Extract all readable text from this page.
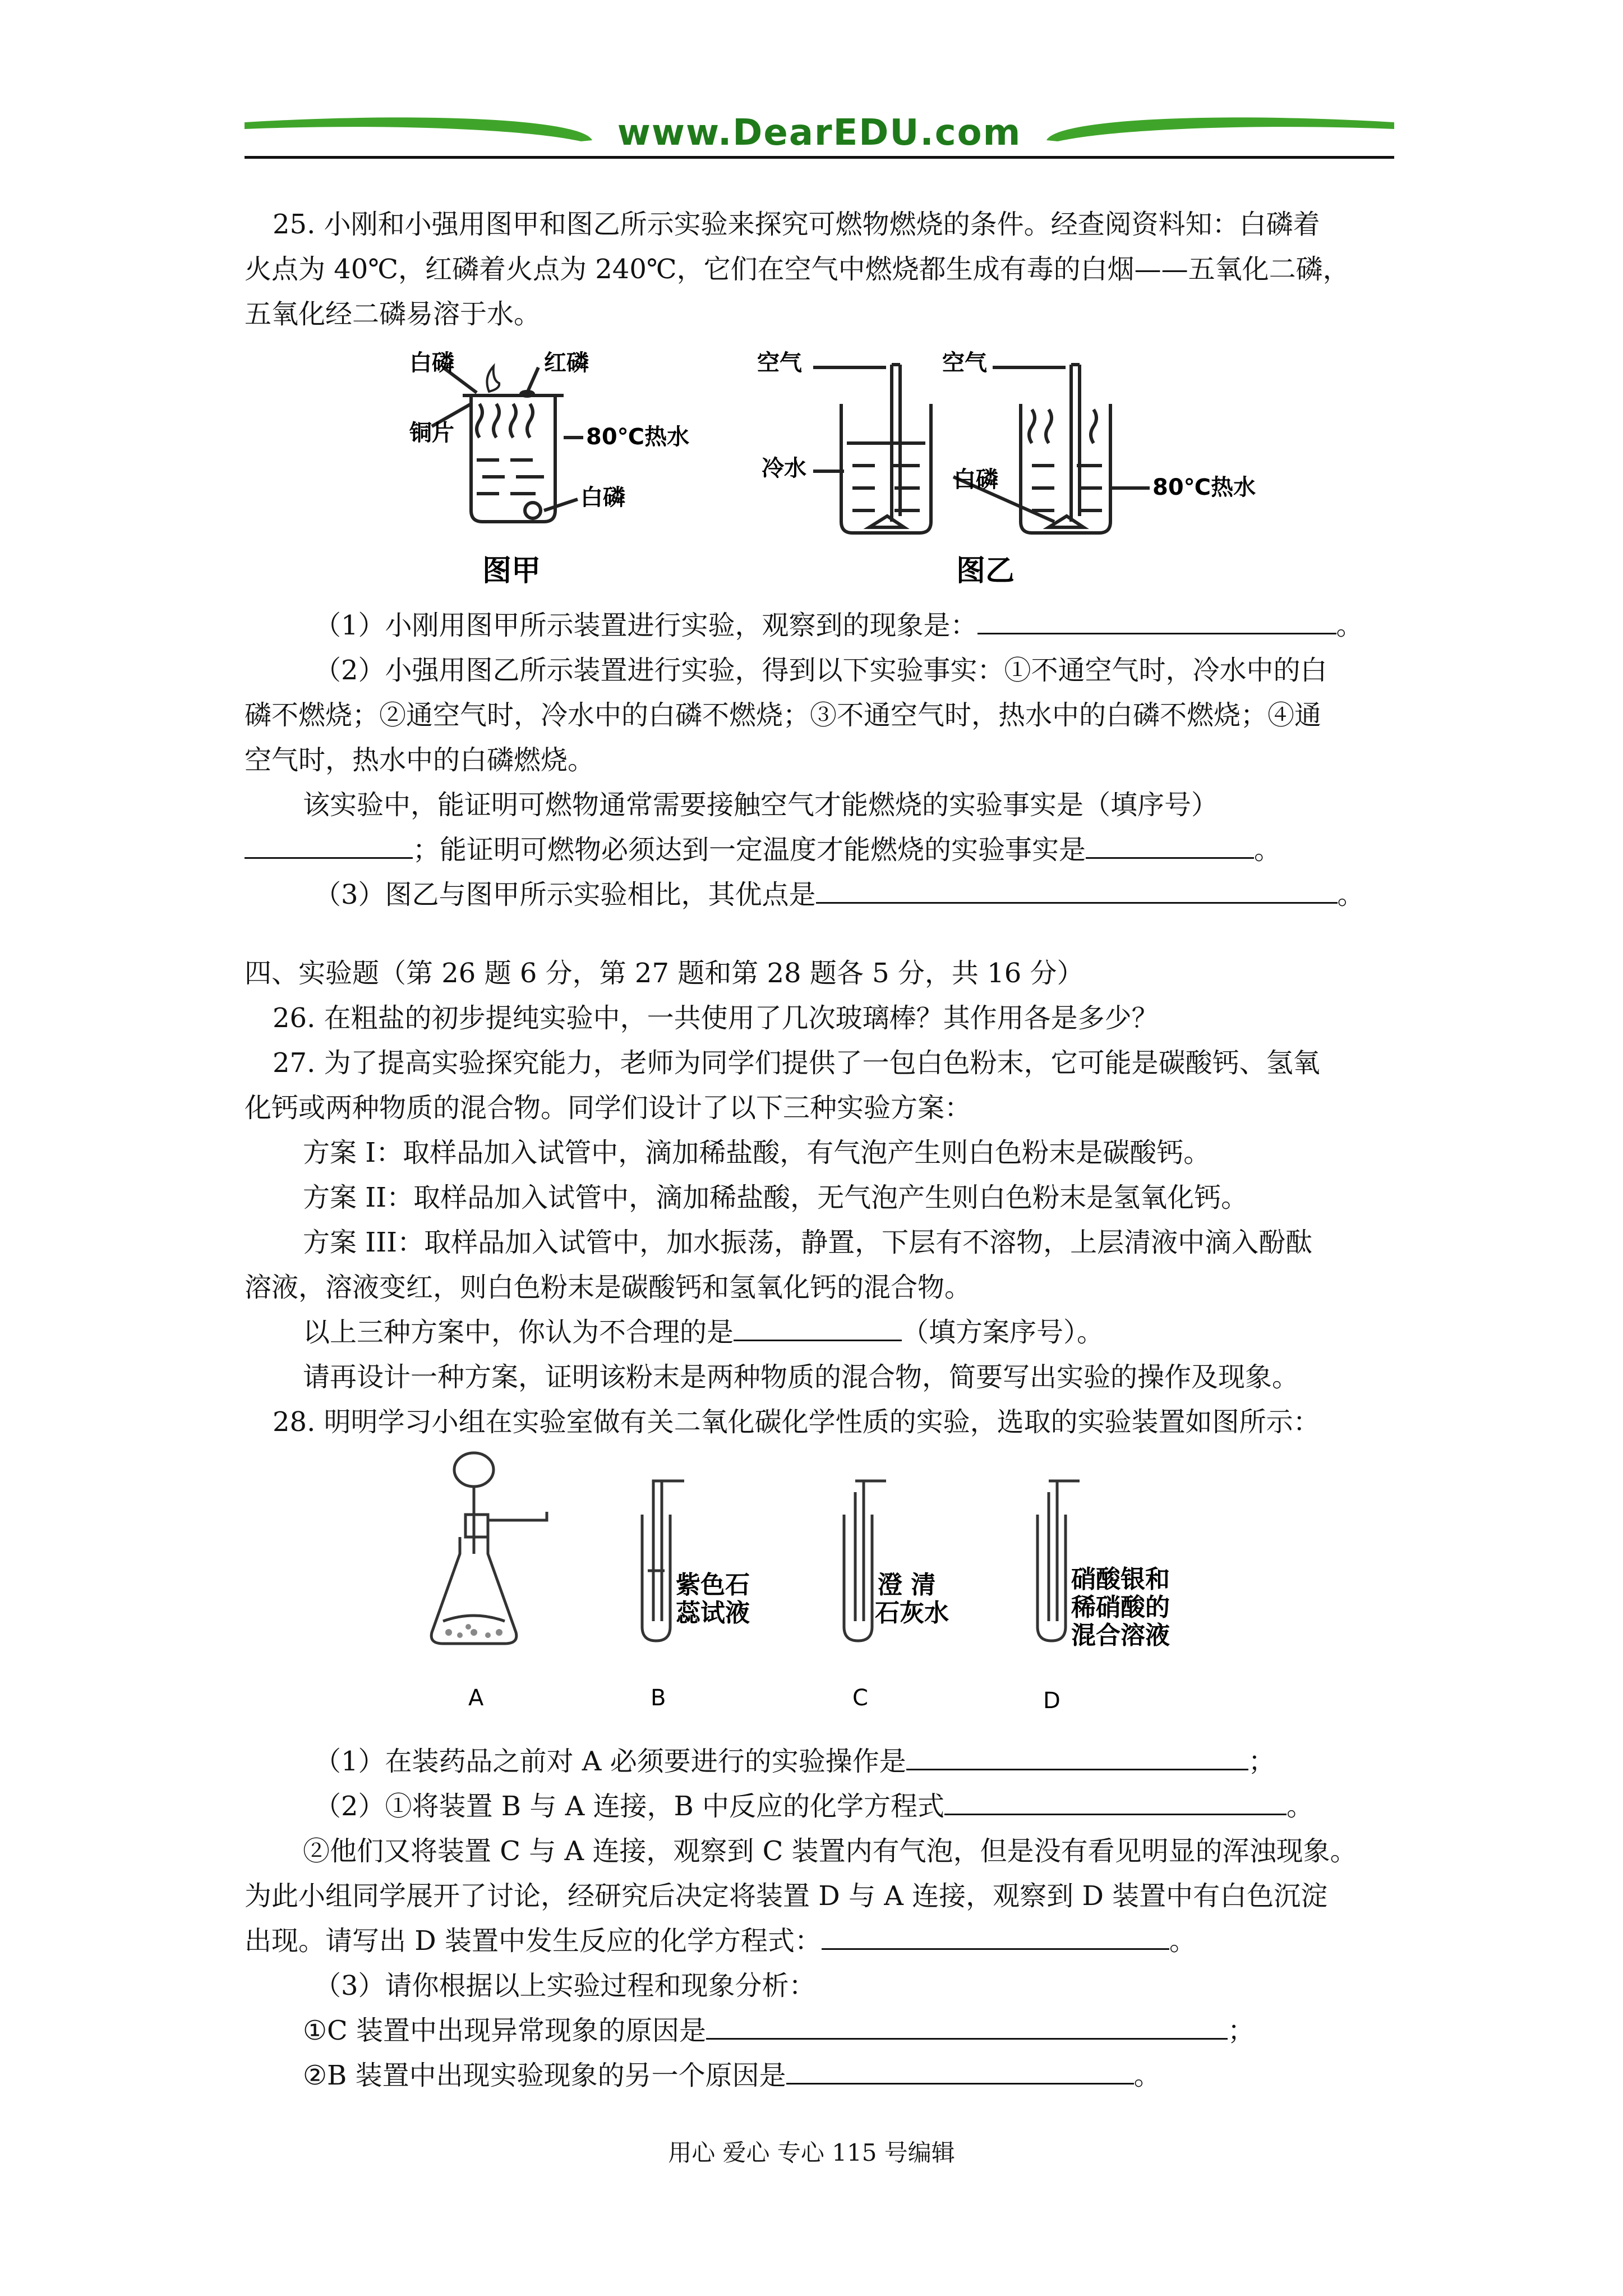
www.DearEDU.com
25. 小刚和小强用图甲和图乙所示实验来探究可燃物燃烧的条件。经查阅资料知：白磷着
火点为 40℃，红磷着火点为 240℃，它们在空气中燃烧都生成有毒的白烟——五氧化二磷，
五氧化经二磷易溶于水。
白磷	红磷
铜片	80℃热水
白磷
图甲
空气	空气
冷水	白磷	80℃热水
图乙
（1）小刚用图甲所示装置进行实验，观察到的现象是：	。
（2）小强用图乙所示装置进行实验，得到以下实验事实：①不通空气时，冷水中的白
磷不燃烧；②通空气时，冷水中的白磷不燃烧；③不通空气时，热水中的白磷不燃烧；④通
空气时，热水中的白磷燃烧。
该实验中，能证明可燃物通常需要接触空气才能燃烧的实验事实是（填序号）
；能证明可燃物必须达到一定温度才能燃烧的实验事实是	。
（3）图乙与图甲所示实验相比，其优点是	。
四、实验题（第 26 题 6 分，第 27 题和第 28 题各 5 分，共 16 分）
26. 在粗盐的初步提纯实验中，一共使用了几次玻璃棒？其作用各是多少？
27. 为了提高实验探究能力，老师为同学们提供了一包白色粉末，它可能是碳酸钙、氢氧
化钙或两种物质的混合物。同学们设计了以下三种实验方案：
方案 I：取样品加入试管中，滴加稀盐酸，有气泡产生则白色粉末是碳酸钙。
方案 II：取样品加入试管中，滴加稀盐酸，无气泡产生则白色粉末是氢氧化钙。
方案 III：取样品加入试管中，加水振荡，静置，下层有不溶物，上层清液中滴入酚酞
溶液，溶液变红，则白色粉末是碳酸钙和氢氧化钙的混合物。
以上三种方案中，你认为不合理的是	（填方案序号）。
请再设计一种方案，证明该粉末是两种物质的混合物，简要写出实验的操作及现象。
28. 明明学习小组在实验室做有关二氧化碳化学性质的实验，选取的实验装置如图所示：
紫色石
蕊试液
澄 清
石灰水
硝酸银和
稀硝酸的
混合溶液
A	B	C	D
（1）在装药品之前对 A 必须要进行的实验操作是	；
（2）①将装置 B 与 A 连接，B 中反应的化学方程式	。
②他们又将装置 C 与 A 连接，观察到 C 装置内有气泡，但是没有看见明显的浑浊现象。
为此小组同学展开了讨论，经研究后决定将装置 D 与 A 连接，观察到 D 装置中有白色沉淀
出现。请写出 D 装置中发生反应的化学方程式：	。
（3）请你根据以上实验过程和现象分析：
①C 装置中出现异常现象的原因是	；
②B 装置中出现实验现象的另一个原因是	。
用心 爱心 专心 115 号编辑
